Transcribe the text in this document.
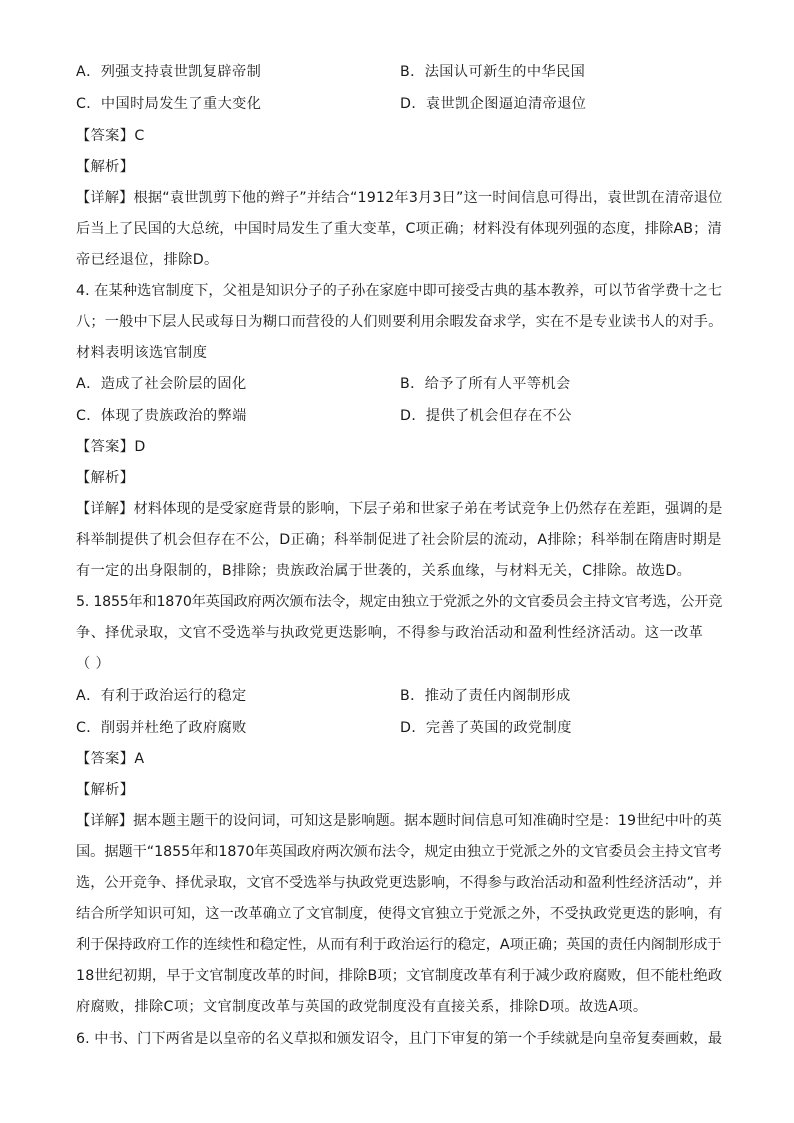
A．列强支持袁世凯复辟帝制	B．法国认可新生的中华民国
C．中国时局发生了重大变化	D．袁世凯企图逼迫清帝退位
【答案】C
【解析】
【详解】根据“袁世凯剪下他的辫子”并结合“1912年3月3日”这一时间信息可得出，袁世凯在清帝退位
后当上了民国的大总统，中国时局发生了重大变革，C项正确；材料没有体现列强的态度，排除AB；清
帝已经退位，排除D。
4. 在某种选官制度下，父祖是知识分子的子孙在家庭中即可接受古典的基本教养，可以节省学费十之七
八；一般中下层人民或每日为糊口而营役的人们则要利用余暇发奋求学，实在不是专业读书人的对手。
材料表明该选官制度
A．造成了社会阶层的固化	B．给予了所有人平等机会
C．体现了贵族政治的弊端	D．提供了机会但存在不公
【答案】D
【解析】
【详解】材料体现的是受家庭背景的影响，下层子弟和世家子弟在考试竞争上仍然存在差距，强调的是
科举制提供了机会但存在不公，D正确；科举制促进了社会阶层的流动，A排除；科举制在隋唐时期是
有一定的出身限制的，B排除；贵族政治属于世袭的，关系血缘，与材料无关，C排除。故选D。
5. 1855年和1870年英国政府两次颁布法令，规定由独立于党派之外的文官委员会主持文官考选，公开竞
争、择优录取，文官不受选举与执政党更迭影响，不得参与政治活动和盈利性经济活动。这一改革
（ ）
A．有利于政治运行的稳定	B．推动了责任内阁制形成
C．削弱并杜绝了政府腐败	D．完善了英国的政党制度
【答案】A
【解析】
【详解】据本题主题干的设问词，可知这是影响题。据本题时间信息可知准确时空是：19世纪中叶的英
国。据题干“1855年和1870年英国政府两次颁布法令，规定由独立于党派之外的文官委员会主持文官考
选，公开竞争、择优录取，文官不受选举与执政党更迭影响，不得参与政治活动和盈利性经济活动”，并
结合所学知识可知，这一改革确立了文官制度，使得文官独立于党派之外，不受执政党更迭的影响，有
利于保持政府工作的连续性和稳定性，从而有利于政治运行的稳定，A项正确；英国的责任内阁制形成于
18世纪初期，早于文官制度改革的时间，排除B项；文官制度改革有利于减少政府腐败，但不能杜绝政
府腐败，排除C项；文官制度改革与英国的政党制度没有直接关系，排除D项。故选A项。
6. 中书、门下两省是以皇帝的名义草拟和颁发诏令，且门下审复的第一个手续就是向皇帝复奏画敕，最
